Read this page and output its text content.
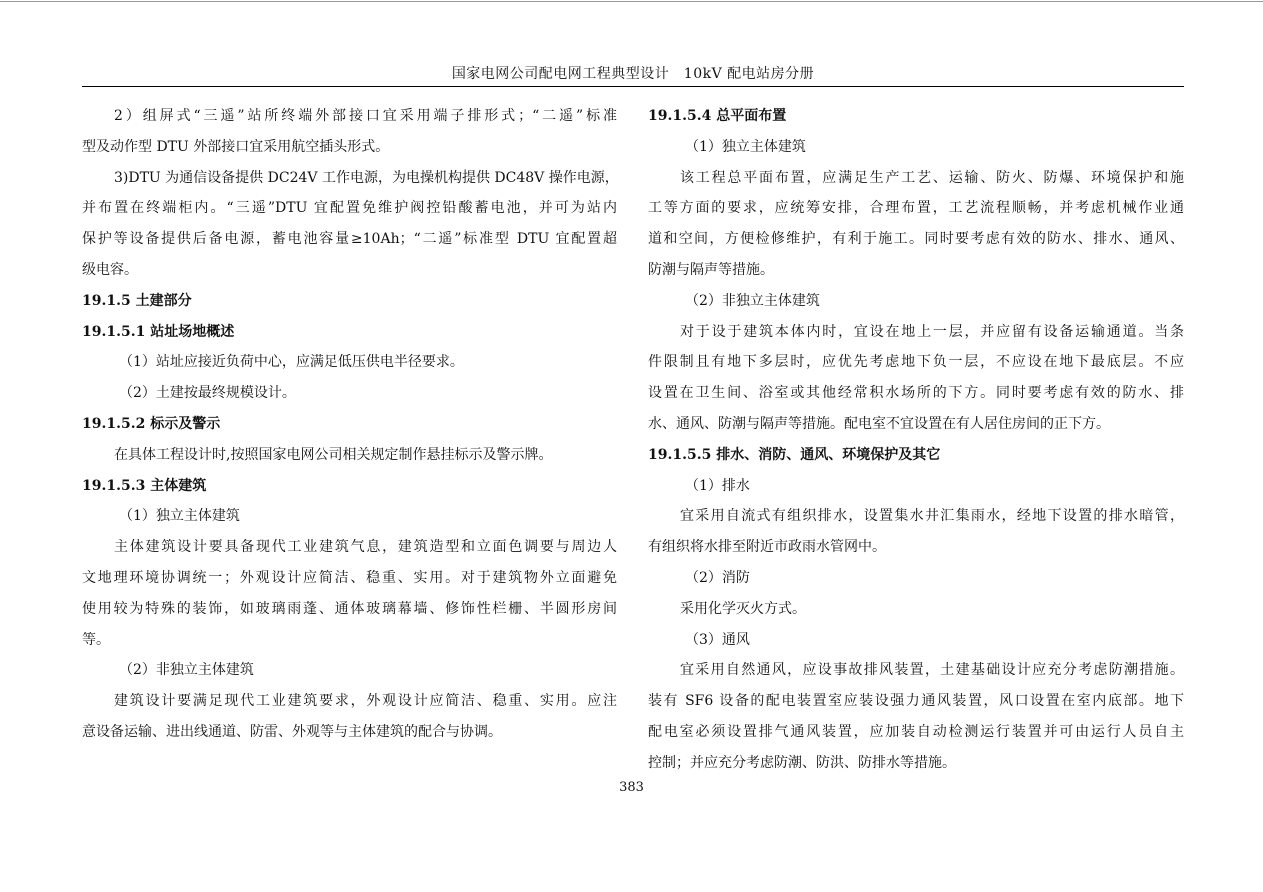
国家电网公司配电网工程典型设计　10kV 配电站房分册
2）组屏式“三遥”站所终端外部接口宜采用端子排形式；“二遥”标准
型及动作型 DTU 外部接口宜采用航空插头形式。
3)DTU 为通信设备提供 DC24V 工作电源，为电操机构提供 DC48V 操作电源，
并布置在终端柜内。“三遥”DTU 宜配置免维护阀控铅酸蓄电池，并可为站内
保护等设备提供后备电源，蓄电池容量≥10Ah；“二遥”标准型 DTU 宜配置超
级电容。
19.1.5 土建部分
19.1.5.1 站址场地概述
（1）站址应接近负荷中心，应满足低压供电半径要求。
（2）土建按最终规模设计。
19.1.5.2 标示及警示
在具体工程设计时,按照国家电网公司相关规定制作悬挂标示及警示牌。
19.1.5.3 主体建筑
（1）独立主体建筑
主体建筑设计要具备现代工业建筑气息，建筑造型和立面色调要与周边人
文地理环境协调统一；外观设计应简洁、稳重、实用。对于建筑物外立面避免
使用较为特殊的装饰，如玻璃雨蓬、通体玻璃幕墙、修饰性栏栅、半圆形房间
等。
（2）非独立主体建筑
建筑设计要满足现代工业建筑要求，外观设计应简洁、稳重、实用。应注
意设备运输、进出线通道、防雷、外观等与主体建筑的配合与协调。
19.1.5.4 总平面布置
（1）独立主体建筑
该工程总平面布置，应满足生产工艺、运输、防火、防爆、环境保护和施
工等方面的要求，应统筹安排，合理布置，工艺流程顺畅，并考虑机械作业通
道和空间，方便检修维护，有利于施工。同时要考虑有效的防水、排水、通风、
防潮与隔声等措施。
（2）非独立主体建筑
对于设于建筑本体内时，宜设在地上一层，并应留有设备运输通道。当条
件限制且有地下多层时，应优先考虑地下负一层，不应设在地下最底层。不应
设置在卫生间、浴室或其他经常积水场所的下方。同时要考虑有效的防水、排
水、通风、防潮与隔声等措施。配电室不宜设置在有人居住房间的正下方。
19.1.5.5 排水、消防、通风、环境保护及其它
（1）排水
宜采用自流式有组织排水，设置集水井汇集雨水，经地下设置的排水暗管，
有组织将水排至附近市政雨水管网中。
（2）消防
采用化学灭火方式。
（3）通风
宜采用自然通风，应设事故排风装置，土建基础设计应充分考虑防潮措施。
装有 SF6 设备的配电装置室应装设强力通风装置，风口设置在室内底部。地下
配电室必须设置排气通风装置，应加装自动检测运行装置并可由运行人员自主
控制；并应充分考虑防潮、防洪、防排水等措施。
383
